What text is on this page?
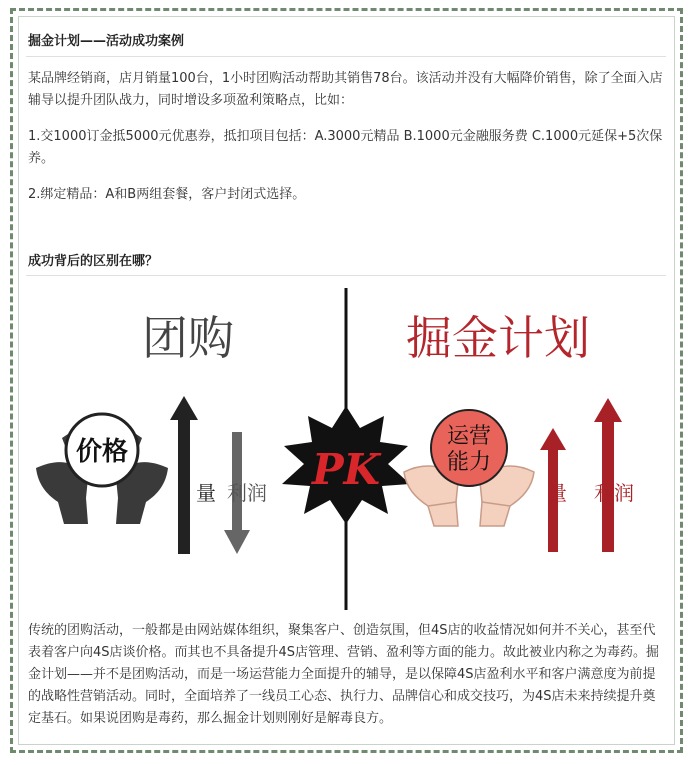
掘金计划——活动成功案例
某品牌经销商，店月销量100台，1小时团购活动帮助其销售78台。该活动并没有大幅降价销售，除了全面入店辅导以提升团队战力，同时增设多项盈利策略点，比如：
1.交1000订金抵5000元优惠券，抵扣项目包括：A.3000元精品 B.1000元金融服务费 C.1000元延保+5次保养。
2.绑定精品：A和B两组套餐，客户封闭式选择。
成功背后的区别在哪？
团购	掘金计划
价格
量 利润 PK
运营
能力
量 利润
传统的团购活动，一般都是由网站媒体组织，聚集客户、创造氛围，但4S店的收益情况如何并不关心，甚至代表着客户向4S店谈价格。而其也不具备提升4S店管理、营销、盈利等方面的能力。故此被业内称之为毒药。掘金计划——并不是团购活动，而是一场运营能力全面提升的辅导，是以保障4S店盈利水平和客户满意度为前提的战略性营销活动。同时，全面培养了一线员工心态、执行力、品牌信心和成交技巧，为4S店未来持续提升奠定基石。如果说团购是毒药，那么掘金计划则刚好是解毒良方。
